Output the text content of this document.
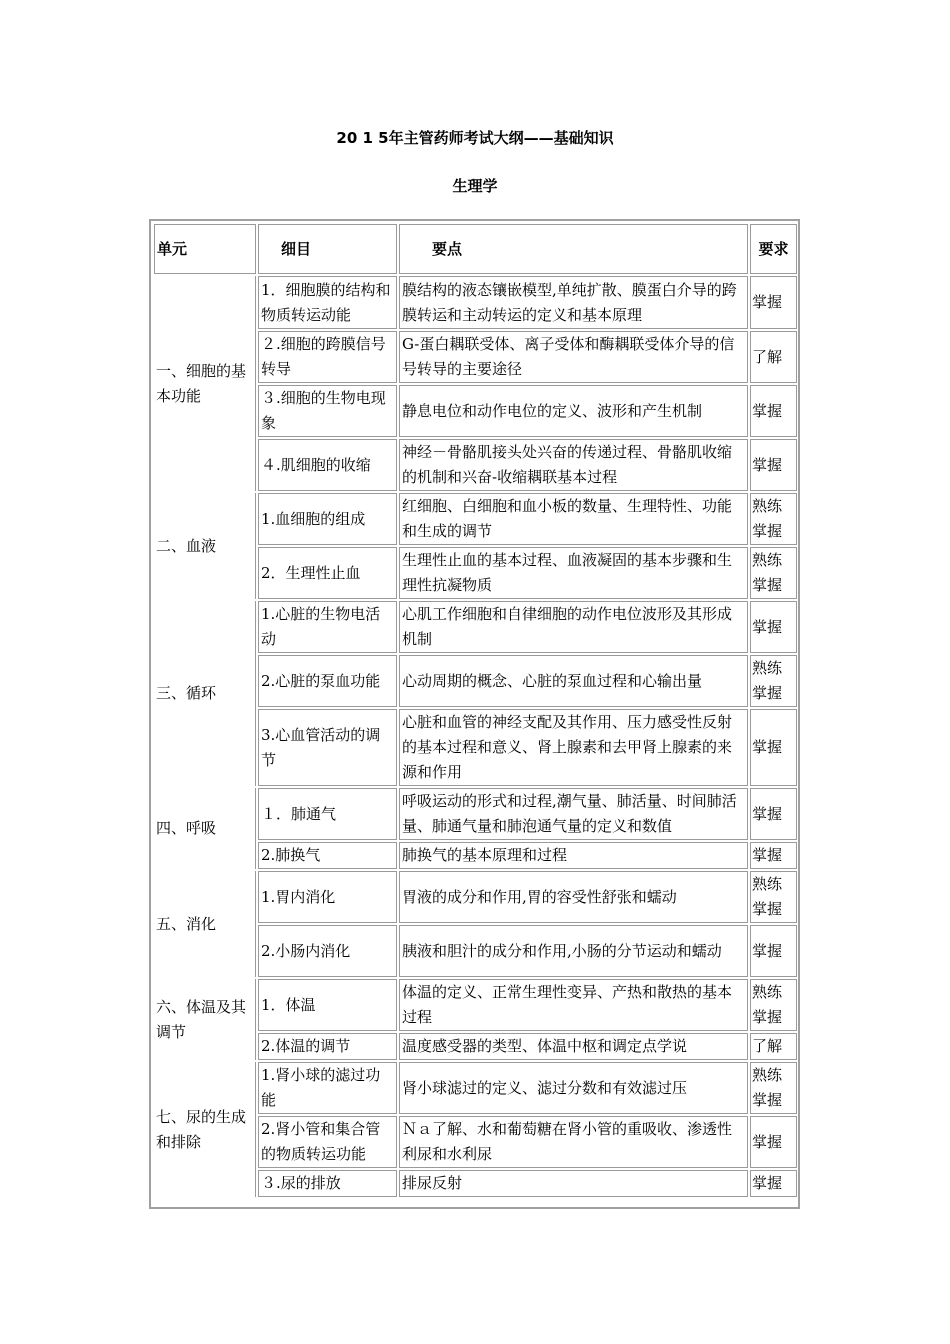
20 1 5年主管药师考试大纲——基础知识
生理学
单元	细目	要点	要求
一、细胞的基本功能	1．细胞膜的结构和物质转运动能	膜结构的液态镶嵌模型,单纯扩散、膜蛋白介导的跨膜转运和主动转运的定义和基本原理	掌握
	２.细胞的跨膜信号转导	G-蛋白耦联受体、离子受体和酶耦联受体介导的信号转导的主要途径	了解
	３.细胞的生物电现象	静息电位和动作电位的定义、波形和产生机制	掌握
	４.肌细胞的收缩	神经－骨骼肌接头处兴奋的传递过程、骨骼肌收缩的机制和兴奋-收缩耦联基本过程	掌握
二、血液	1.血细胞的组成	红细胞、白细胞和血小板的数量、生理特性、功能和生成的调节	熟练掌握
	2．生理性止血	生理性止血的基本过程、血液凝固的基本步骤和生理性抗凝物质	熟练掌握
三、循环	1.心脏的生物电活动	心肌工作细胞和自律细胞的动作电位波形及其形成机制	掌握
	2.心脏的泵血功能	心动周期的概念、心脏的泵血过程和心输出量	熟练掌握
	3.心血管活动的调节	心脏和血管的神经支配及其作用、压力感受性反射的基本过程和意义、肾上腺素和去甲肾上腺素的来源和作用	掌握
四、呼吸	１．肺通气	呼吸运动的形式和过程,潮气量、肺活量、时间肺活量、肺通气量和肺泡通气量的定义和数值	掌握
	2.肺换气	肺换气的基本原理和过程	掌握
五、消化	1.胃内消化	胃液的成分和作用,胃的容受性舒张和蠕动	熟练掌握
	2.小肠内消化	胰液和胆汁的成分和作用,小肠的分节运动和蠕动	掌握
六、体温及其调节	1．体温	体温的定义、正常生理性变异、产热和散热的基本过程	熟练掌握
	2.体温的调节	温度感受器的类型、体温中枢和调定点学说	了解
七、尿的生成和排除	1.肾小球的滤过功能	肾小球滤过的定义、滤过分数和有效滤过压	熟练掌握
	2.肾小管和集合管的物质转运功能	Ｎａ了解、水和葡萄糖在肾小管的重吸收、渗透性利尿和水利尿	掌握
	３.尿的排放	排尿反射	掌握
